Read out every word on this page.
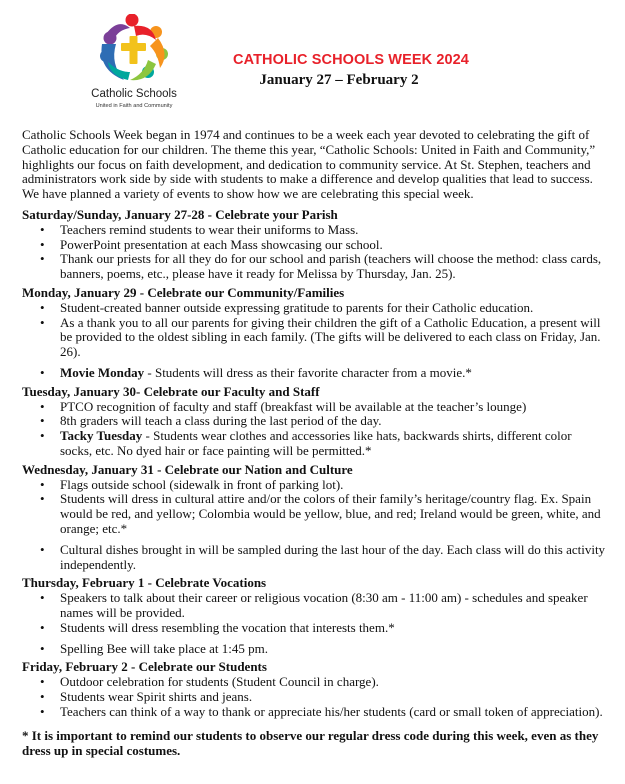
Catholic Schools
United in Faith and Community
CATHOLIC SCHOOLS WEEK 2024
January 27 – February 2

Catholic Schools Week began in 1974 and continues to be a week each year devoted to celebrating the gift of Catholic education for our children. The theme this year, “Catholic Schools: United in Faith and Community,” highlights our focus on faith development, and dedication to community service. At St. Stephen, teachers and administrators work side by side with students to make a difference and develop qualities that lead to success. We have planned a variety of events to show how we are celebrating this special week.

Saturday/Sunday, January 27-28 - Celebrate your Parish

• Teachers remind students to wear their uniforms to Mass.
• PowerPoint presentation at each Mass showcasing our school.
• Thank our priests for all they do for our school and parish (teachers will choose the method: class cards, banners, poems, etc., please have it ready for Melissa by Thursday, Jan. 25).

Monday, January 29 - Celebrate our Community/Families

• Student-created banner outside expressing gratitude to parents for their Catholic education.
• As a thank you to all our parents for giving their children the gift of a Catholic Education, a present will be provided to the oldest sibling in each family. (The gifts will be delivered to each class on Friday, Jan. 26).
• Movie Monday - Students will dress as their favorite character from a movie.*

Tuesday, January 30- Celebrate our Faculty and Staff

• PTCO recognition of faculty and staff (breakfast will be available at the teacher’s lounge)
• 8th graders will teach a class during the last period of the day.
• Tacky Tuesday - Students wear clothes and accessories like hats, backwards shirts, different color socks, etc. No dyed hair or face painting will be permitted.*

Wednesday, January 31 - Celebrate our Nation and Culture

• Flags outside school (sidewalk in front of parking lot).
• Students will dress in cultural attire and/or the colors of their family’s heritage/country flag. Ex. Spain would be red, and yellow; Colombia would be yellow, blue, and red; Ireland would be green, white, and orange; etc.*
• Cultural dishes brought in will be sampled during the last hour of the day. Each class will do this activity independently.

Thursday, February 1 - Celebrate Vocations

• Speakers to talk about their career or religious vocation (8:30 am - 11:00 am) - schedules and speaker names will be provided.
• Students will dress resembling the vocation that interests them.*
• Spelling Bee will take place at 1:45 pm.

Friday, February 2 - Celebrate our Students

• Outdoor celebration for students (Student Council in charge).
• Students wear Spirit shirts and jeans.
• Teachers can think of a way to thank or appreciate his/her students (card or small token of appreciation).

* It is important to remind our students to observe our regular dress code during this week, even as they dress up in special costumes.
